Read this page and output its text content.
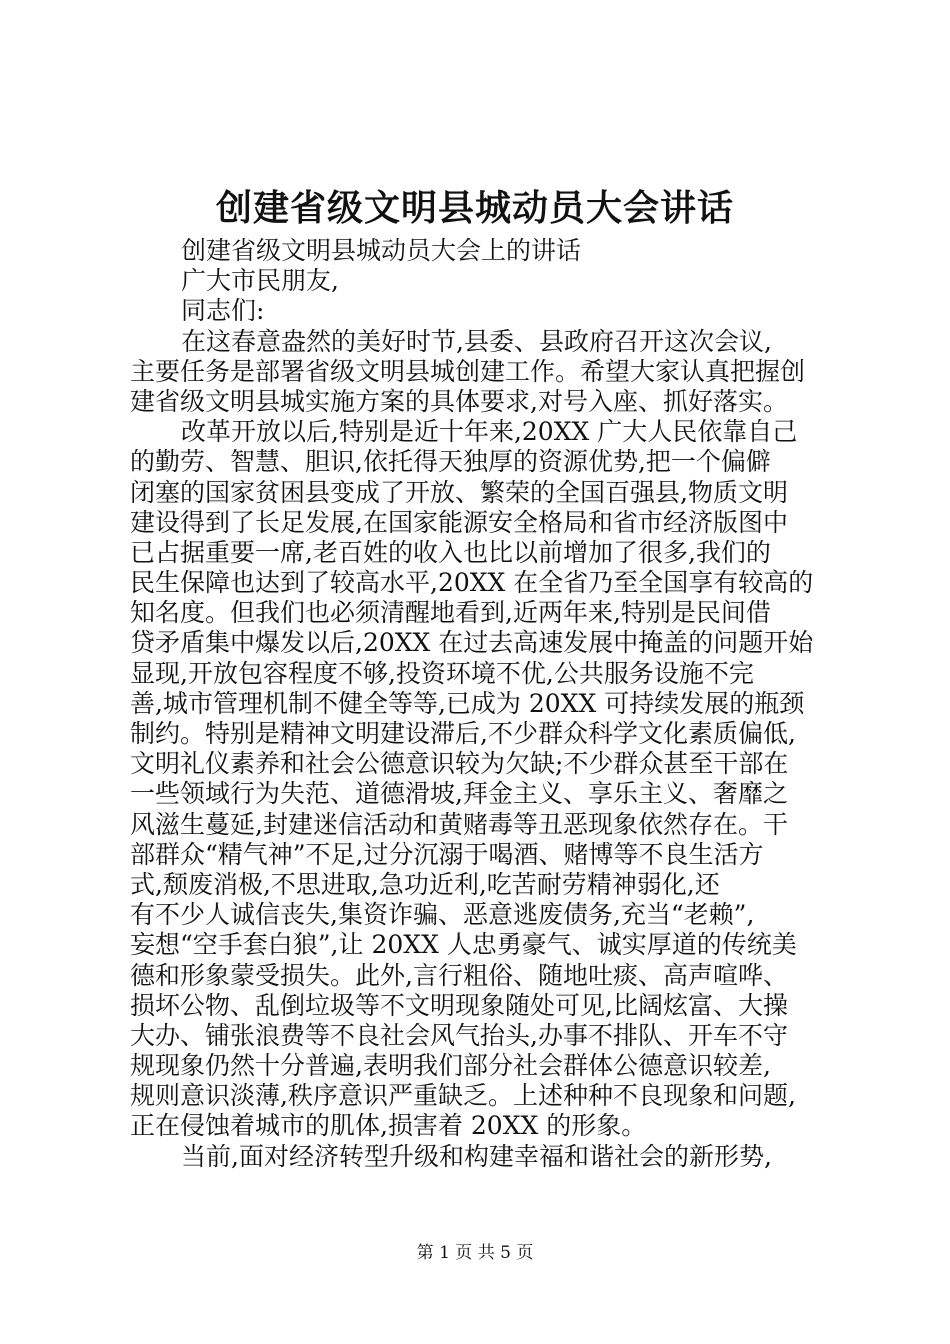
创建省级文明县城动员大会讲话
创建省级文明县城动员大会上的讲话
广大市民朋友,
同志们:
在这春意盎然的美好时节,县委、县政府召开这次会议,
主要任务是部署省级文明县城创建工作。希望大家认真把握创
建省级文明县城实施方案的具体要求,对号入座、抓好落实。
改革开放以后,特别是近十年来,20XX 广大人民依靠自己
的勤劳、智慧、胆识,依托得天独厚的资源优势,把一个偏僻
闭塞的国家贫困县变成了开放、繁荣的全国百强县,物质文明
建设得到了长足发展,在国家能源安全格局和省市经济版图中
已占据重要一席,老百姓的收入也比以前增加了很多,我们的
民生保障也达到了较高水平,20XX 在全省乃至全国享有较高的
知名度。但我们也必须清醒地看到,近两年来,特别是民间借
贷矛盾集中爆发以后,20XX 在过去高速发展中掩盖的问题开始
显现,开放包容程度不够,投资环境不优,公共服务设施不完
善,城市管理机制不健全等等,已成为 20XX 可持续发展的瓶颈
制约。特别是精神文明建设滞后,不少群众科学文化素质偏低,
文明礼仪素养和社会公德意识较为欠缺;不少群众甚至干部在
一些领域行为失范、道德滑坡,拜金主义、享乐主义、奢靡之
风滋生蔓延,封建迷信活动和黄赌毒等丑恶现象依然存在。干
部群众“精气神”不足,过分沉溺于喝酒、赌博等不良生活方
式,颓废消极,不思进取,急功近利,吃苦耐劳精神弱化,还
有不少人诚信丧失,集资诈骗、恶意逃废债务,充当“老赖”,
妄想“空手套白狼”,让 20XX 人忠勇豪气、诚实厚道的传统美
德和形象蒙受损失。此外,言行粗俗、随地吐痰、高声喧哗、
损坏公物、乱倒垃圾等不文明现象随处可见,比阔炫富、大操
大办、铺张浪费等不良社会风气抬头,办事不排队、开车不守
规现象仍然十分普遍,表明我们部分社会群体公德意识较差,
规则意识淡薄,秩序意识严重缺乏。上述种种不良现象和问题,
正在侵蚀着城市的肌体,损害着 20XX 的形象。
当前,面对经济转型升级和构建幸福和谐社会的新形势,
第 1 页 共 5 页
